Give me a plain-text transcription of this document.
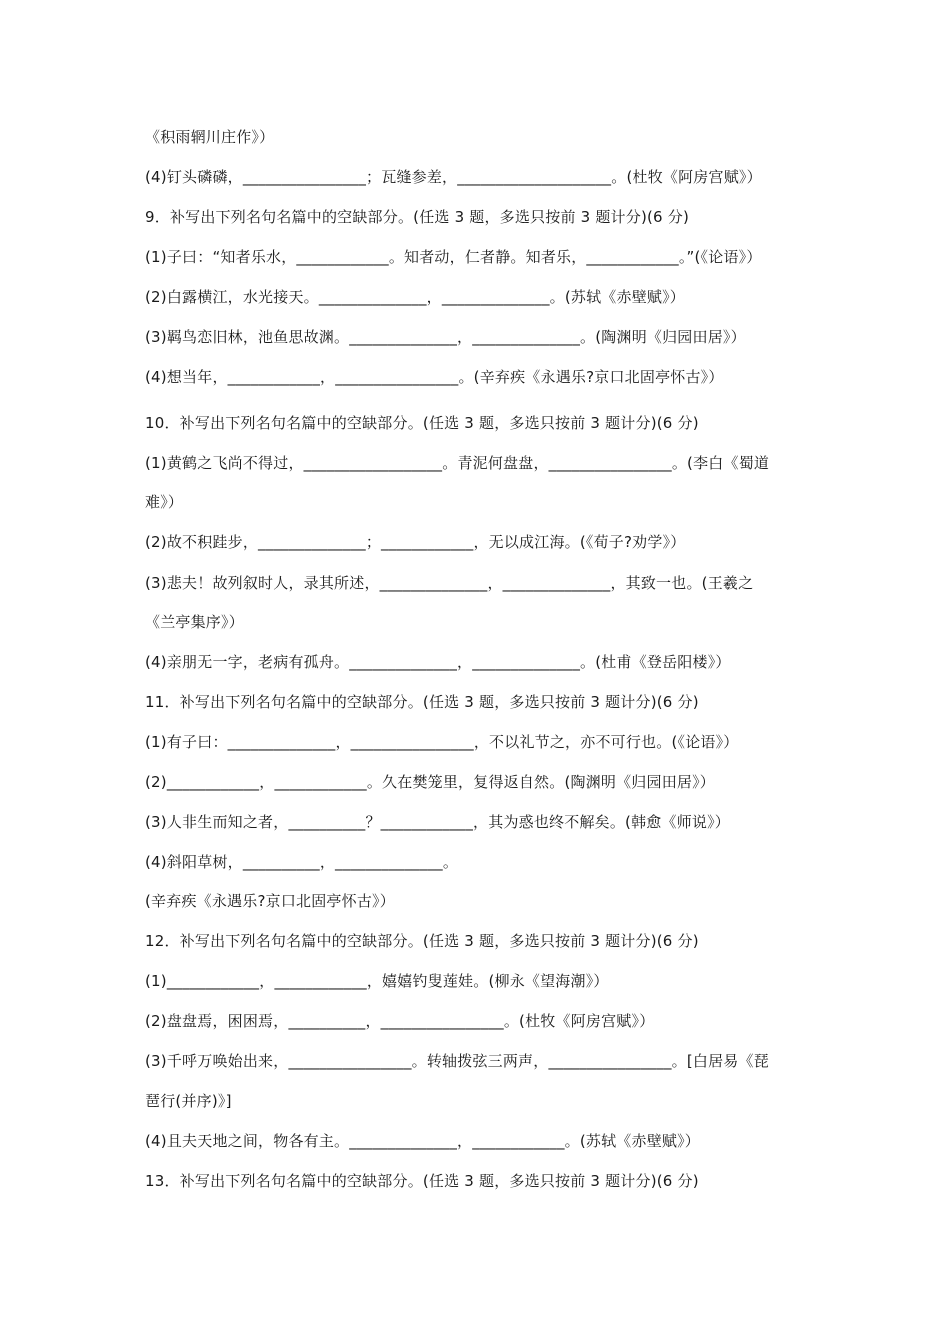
《积雨辋川庄作》）
(4)钉头磷磷，________________；瓦缝参差，____________________。(杜牧《阿房宫赋》）
9．补写出下列名句名篇中的空缺部分。(任选 3 题，多选只按前 3 题计分)(6 分)
(1)子曰：“知者乐水，____________。知者动，仁者静。知者乐，____________。”(《论语》）
(2)白露横江，水光接天。______________，______________。(苏轼《赤壁赋》）
(3)羁鸟恋旧林，池鱼思故渊。______________，______________。(陶渊明《归园田居》）
(4)想当年，____________，________________。(辛弃疾《永遇乐?京口北固亭怀古》）
10．补写出下列名句名篇中的空缺部分。(任选 3 题，多选只按前 3 题计分)(6 分)
(1)黄鹤之飞尚不得过，__________________。青泥何盘盘，________________。(李白《蜀道
难》）
(2)故不积跬步，______________；____________，无以成江海。(《荀子?劝学》）
(3)悲夫！故列叙时人，录其所述，______________，______________，其致一也。(王羲之
《兰亭集序》）
(4)亲朋无一字，老病有孤舟。______________，______________。(杜甫《登岳阳楼》）
11．补写出下列名句名篇中的空缺部分。(任选 3 题，多选只按前 3 题计分)(6 分)
(1)有子曰：______________，________________，不以礼节之，亦不可行也。(《论语》）
(2)____________，____________。久在樊笼里，复得返自然。(陶渊明《归园田居》）
(3)人非生而知之者，__________？____________，其为惑也终不解矣。(韩愈《师说》）
(4)斜阳草树，__________，______________。
(辛弃疾《永遇乐?京口北固亭怀古》）
12．补写出下列名句名篇中的空缺部分。(任选 3 题，多选只按前 3 题计分)(6 分)
(1)____________，____________，嬉嬉钓叟莲娃。(柳永《望海潮》）
(2)盘盘焉，困困焉，__________，________________。(杜牧《阿房宫赋》）
(3)千呼万唤始出来，________________。转轴拨弦三两声，________________。[白居易《琵
琶行(并序)》]
(4)且夫天地之间，物各有主。______________，____________。(苏轼《赤壁赋》）
13．补写出下列名句名篇中的空缺部分。(任选 3 题，多选只按前 3 题计分)(6 分)
